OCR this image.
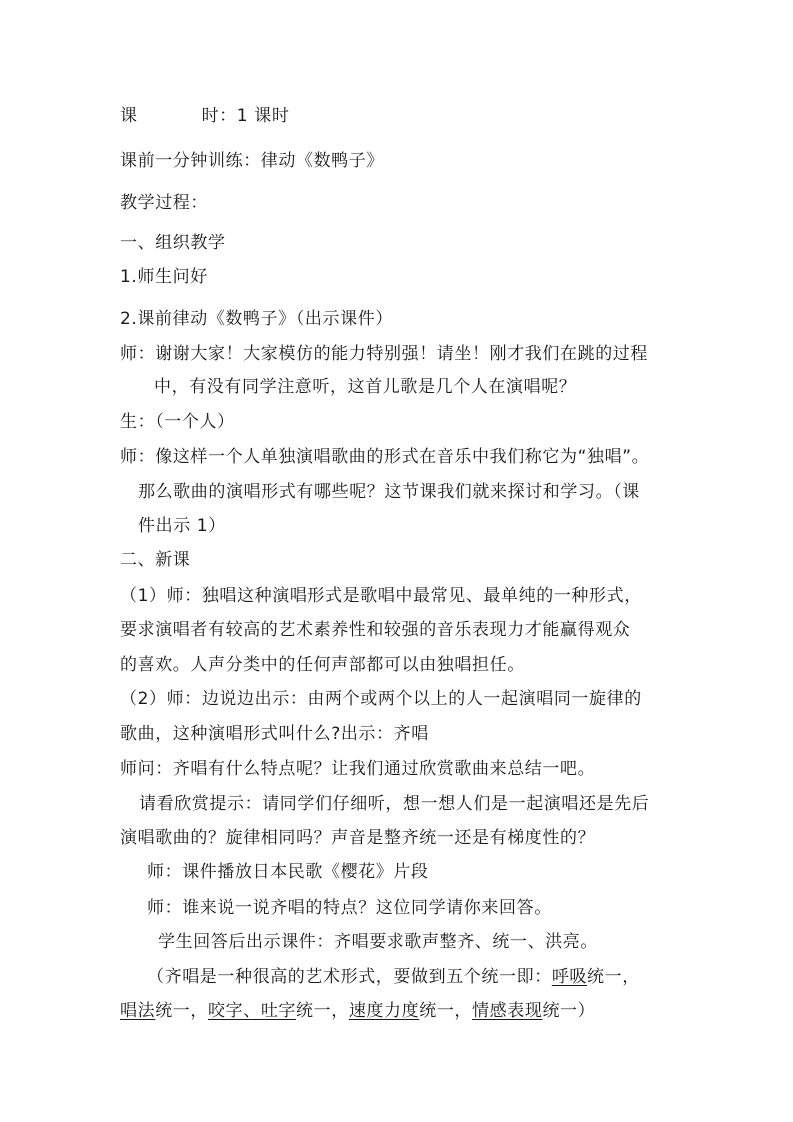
课	时：1 课时
课前一分钟训练：律动《数鸭子》
教学过程：
一、组织教学
1.师生问好
2.课前律动《数鸭子》（出示课件）
师：谢谢大家！大家模仿的能力特别强！请坐！刚才我们在跳的过程
中，有没有同学注意听，这首儿歌是几个人在演唱呢？
生：（一个人）
师：像这样一个人单独演唱歌曲的形式在音乐中我们称它为“独唱”。
那么歌曲的演唱形式有哪些呢？这节课我们就来探讨和学习。（课
件出示 1）
二、新课
（1）师：独唱这种演唱形式是歌唱中最常见、最单纯的一种形式，
要求演唱者有较高的艺术素养性和较强的音乐表现力才能赢得观众
的喜欢。人声分类中的任何声部都可以由独唱担任。
（2）师：边说边出示：由两个或两个以上的人一起演唱同一旋律的
歌曲，这种演唱形式叫什么?出示：齐唱
师问：齐唱有什么特点呢？让我们通过欣赏歌曲来总结一吧。
请看欣赏提示：请同学们仔细听，想一想人们是一起演唱还是先后
演唱歌曲的？旋律相同吗？声音是整齐统一还是有梯度性的？
师：课件播放日本民歌《樱花》片段
师：谁来说一说齐唱的特点？这位同学请你来回答。
学生回答后出示课件：齐唱要求歌声整齐、统一、洪亮。
（齐唱是一种很高的艺术形式，要做到五个统一即：呼吸统一，
唱法统一，咬字、吐字统一，速度力度统一，情感表现统一）
